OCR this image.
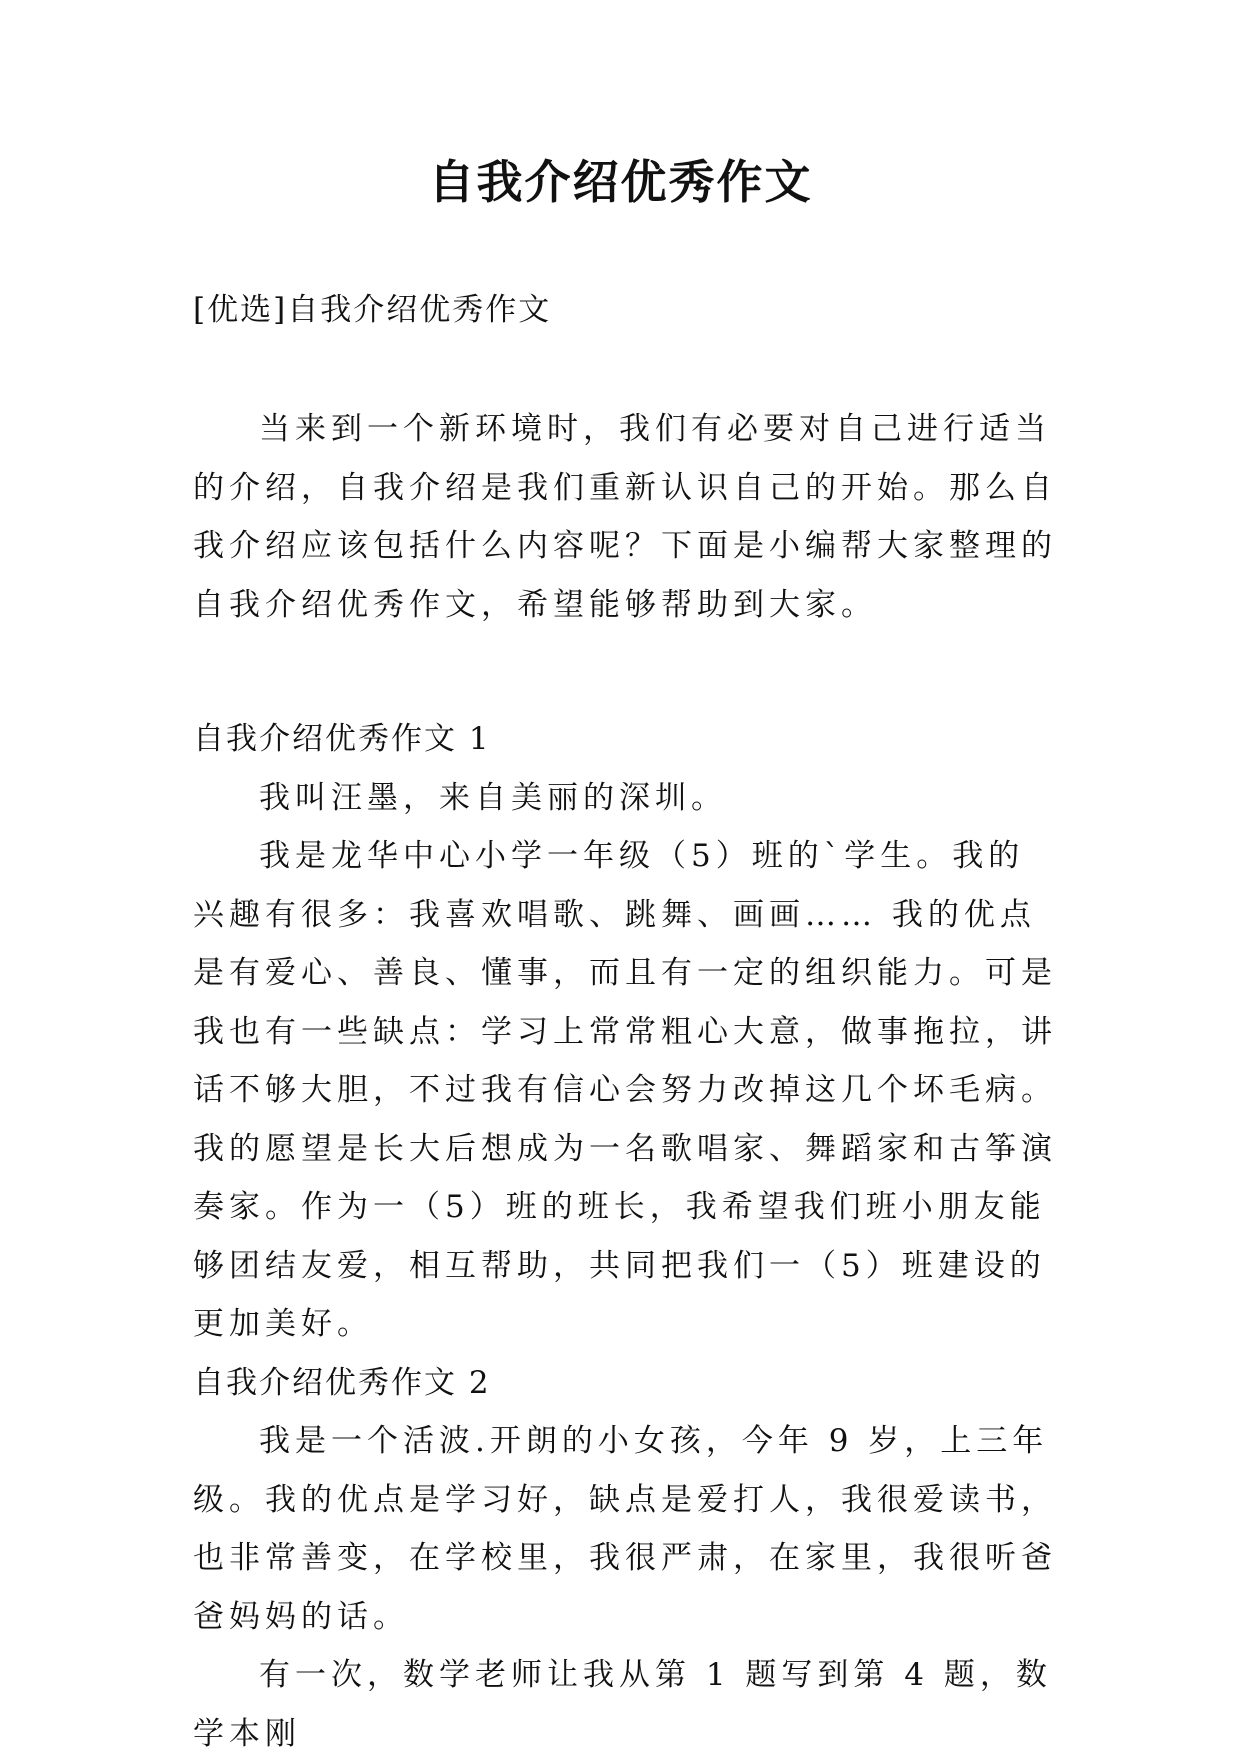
自我介绍优秀作文

[优选]自我介绍优秀作文

当来到一个新环境时，我们有必要对自己进行适当的介绍，自我介绍是我们重新认识自己的开始。那么自我介绍应该包括什么内容呢？下面是小编帮大家整理的自我介绍优秀作文，希望能够帮助到大家。

自我介绍优秀作文 1

我叫汪墨，来自美丽的深圳。

我是龙华中心小学一年级（5）班的`学生。我的兴趣有很多：我喜欢唱歌、跳舞、画画…… 我的优点是有爱心、善良、懂事，而且有一定的组织能力。可是我也有一些缺点：学习上常常粗心大意，做事拖拉，讲话不够大胆，不过我有信心会努力改掉这几个坏毛病。我的愿望是长大后想成为一名歌唱家、舞蹈家和古筝演奏家。作为一（5）班的班长，我希望我们班小朋友能够团结友爱，相互帮助，共同把我们一（5）班建设的更加美好。

自我介绍优秀作文 2

我是一个活波.开朗的小女孩，今年 9 岁，上三年级。我的优点是学习好，缺点是爱打人，我很爱读书，也非常善变，在学校里，我很严肃，在家里，我很听爸爸妈妈的话。

有一次，数学老师让我从第 1 题写到第 4 题，数学本刚
